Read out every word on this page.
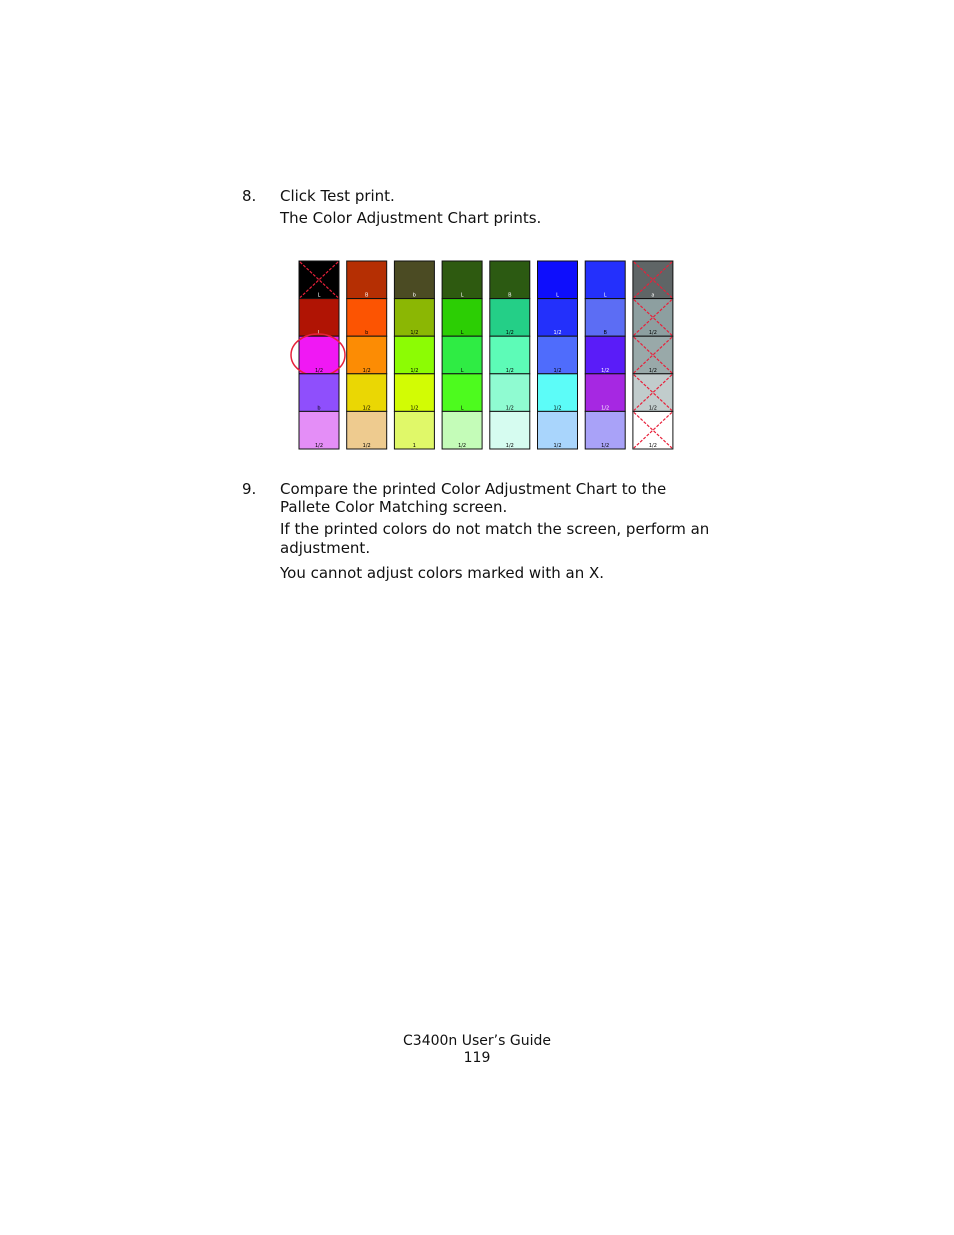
8. Click Test print.
The Color Adjustment Chart prints.
L
L
1/2
b
1/2
B
b
1/2
1/2
1/2
b
1/2
1/2
1/2
1
L
L
L
L
1/2
B
1/2
1/2
1/2
1/2
L
1/2
1/2
1/2
1/2
L
B
1/2
1/2
1/2
a
1/2
1/2
1/2
1/2
9. Compare the printed Color Adjustment Chart to the
Pallete Color Matching screen.
If the printed colors do not match the screen, perform an
adjustment.
You cannot adjust colors marked with an X.
C3400n User’s Guide
119
